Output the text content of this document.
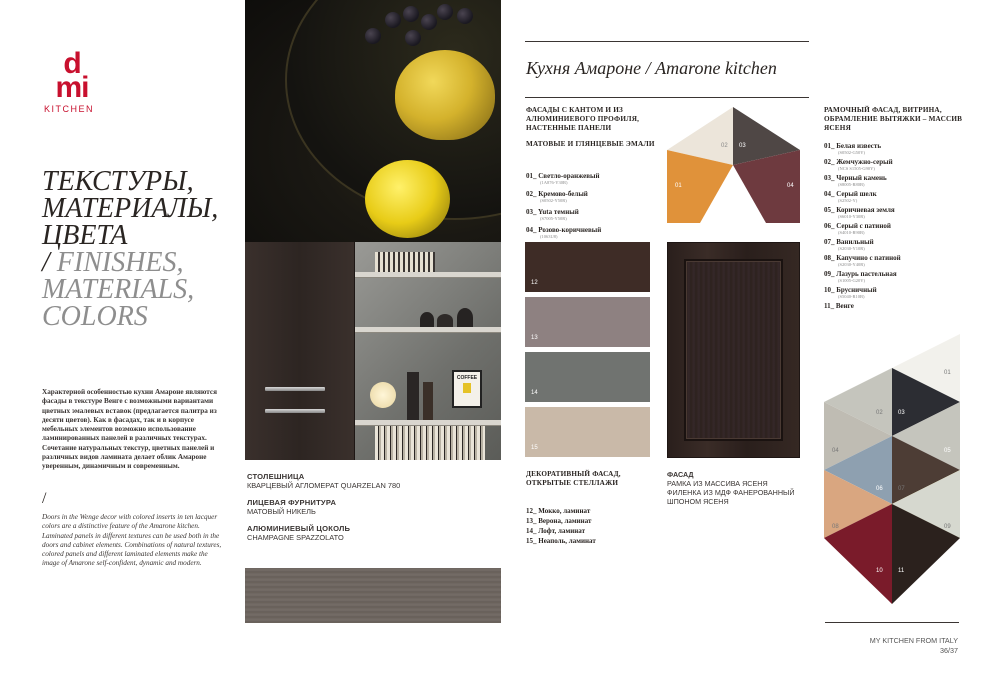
d
mi
KITCHEN
ТЕКСТУРЫ,
МАТЕРИАЛЫ,
ЦВЕТА
/ FINISHES,
MATERIALS,
COLORS

Характерной особенностью кухни Амароне являются фасады в текстуре Венге с возможными вариантами цветных эмалевых вставок (предлагается палитра из десяти цветов). Как в фасадах, так и в корпусе мебельных элементов возможно использование ламинированных панелей в различных текстурах. Сочетание натуральных текстур, цветных панелей и различных видов ламината делает облик Амароне уверенным, динамичным и современным.

/

Doors in the Wenge decor with colored inserts in ten lacquer colors are a distinctive feature of the Amarone kitchen. Laminated panels in different textures can be used both in the doors and cabinet elements. Combinations of natural textures, colored panels and different laminated elements make the image of Amarone self-confident, dynamic and modern.

COFFEE
СТОЛЕШНИЦА
КВАРЦЕВЫЙ АГЛОМЕРАТ QUARZELAN 780
ЛИЦЕВАЯ ФУРНИТУРА
МАТОВЫЙ НИКЕЛЬ
АЛЮМИНИЕВЫЙ ЦОКОЛЬ
CHAMPAGNE SPAZZOLATO
Кухня Амароне / Amarone kitchen
ФАСАДЫ С КАНТОМ И ИЗ АЛЮМИНИЕВОГО ПРОФИЛЯ, НАСТЕННЫЕ ПАНЕЛИ
МАТОВЫЕ И ГЛЯНЦЕВЫЕ ЭМАЛИ
01_ Светло-оранжевый
(1A876-Y30R)
02_ Кремово-белый
(S0502-Y50R)
03_ Yuta темный
(S7005-Y50R)
04_ Розово-коричневый
(1063U8)
02 03
01	04
12
13
14
15
ДЕКОРАТИВНЫЙ ФАСАД, ОТКРЫТЫЕ СТЕЛЛАЖИ
12_ Мокко, ламинат
13_ Верона, ламинат
14_ Лофт, ламинат
15_ Неаполь, ламинат
ФАСАД
РАМКА ИЗ МАССИВА ЯСЕНЯ
ФИЛЕНКА ИЗ МДФ ФАНЕРОВАННЫЙ
ШПОНОМ ЯСЕНЯ
РАМОЧНЫЙ ФАСАД, ВИТРИНА, ОБРАМЛЕНИЕ ВЫТЯЖКИ – МАССИВ ЯСЕНЯ
01_ Белая известь
(S0502-G50Y)
02_ Жемчужно-серый
(NCS S1505-G90Y)
03_ Черный камень
(S8005-R80B)
04_ Серый шелк
(S2502-Y)
05_ Коричневая земля
(S6010-Y30R)
06_ Серый с патиной
(S4010-R90B)
07_ Ванильный
(S2030-Y10R)
08_ Капучино с патиной
(S2030-Y40R)
09_ Лазурь пастельная
(S1005-G20Y)
10_ Брусничный
(S5040-R10B)
11_ Венге
01
02	03
04	05
06	07
08	09
10	11
MY KITCHEN FROM ITALY
36/37
